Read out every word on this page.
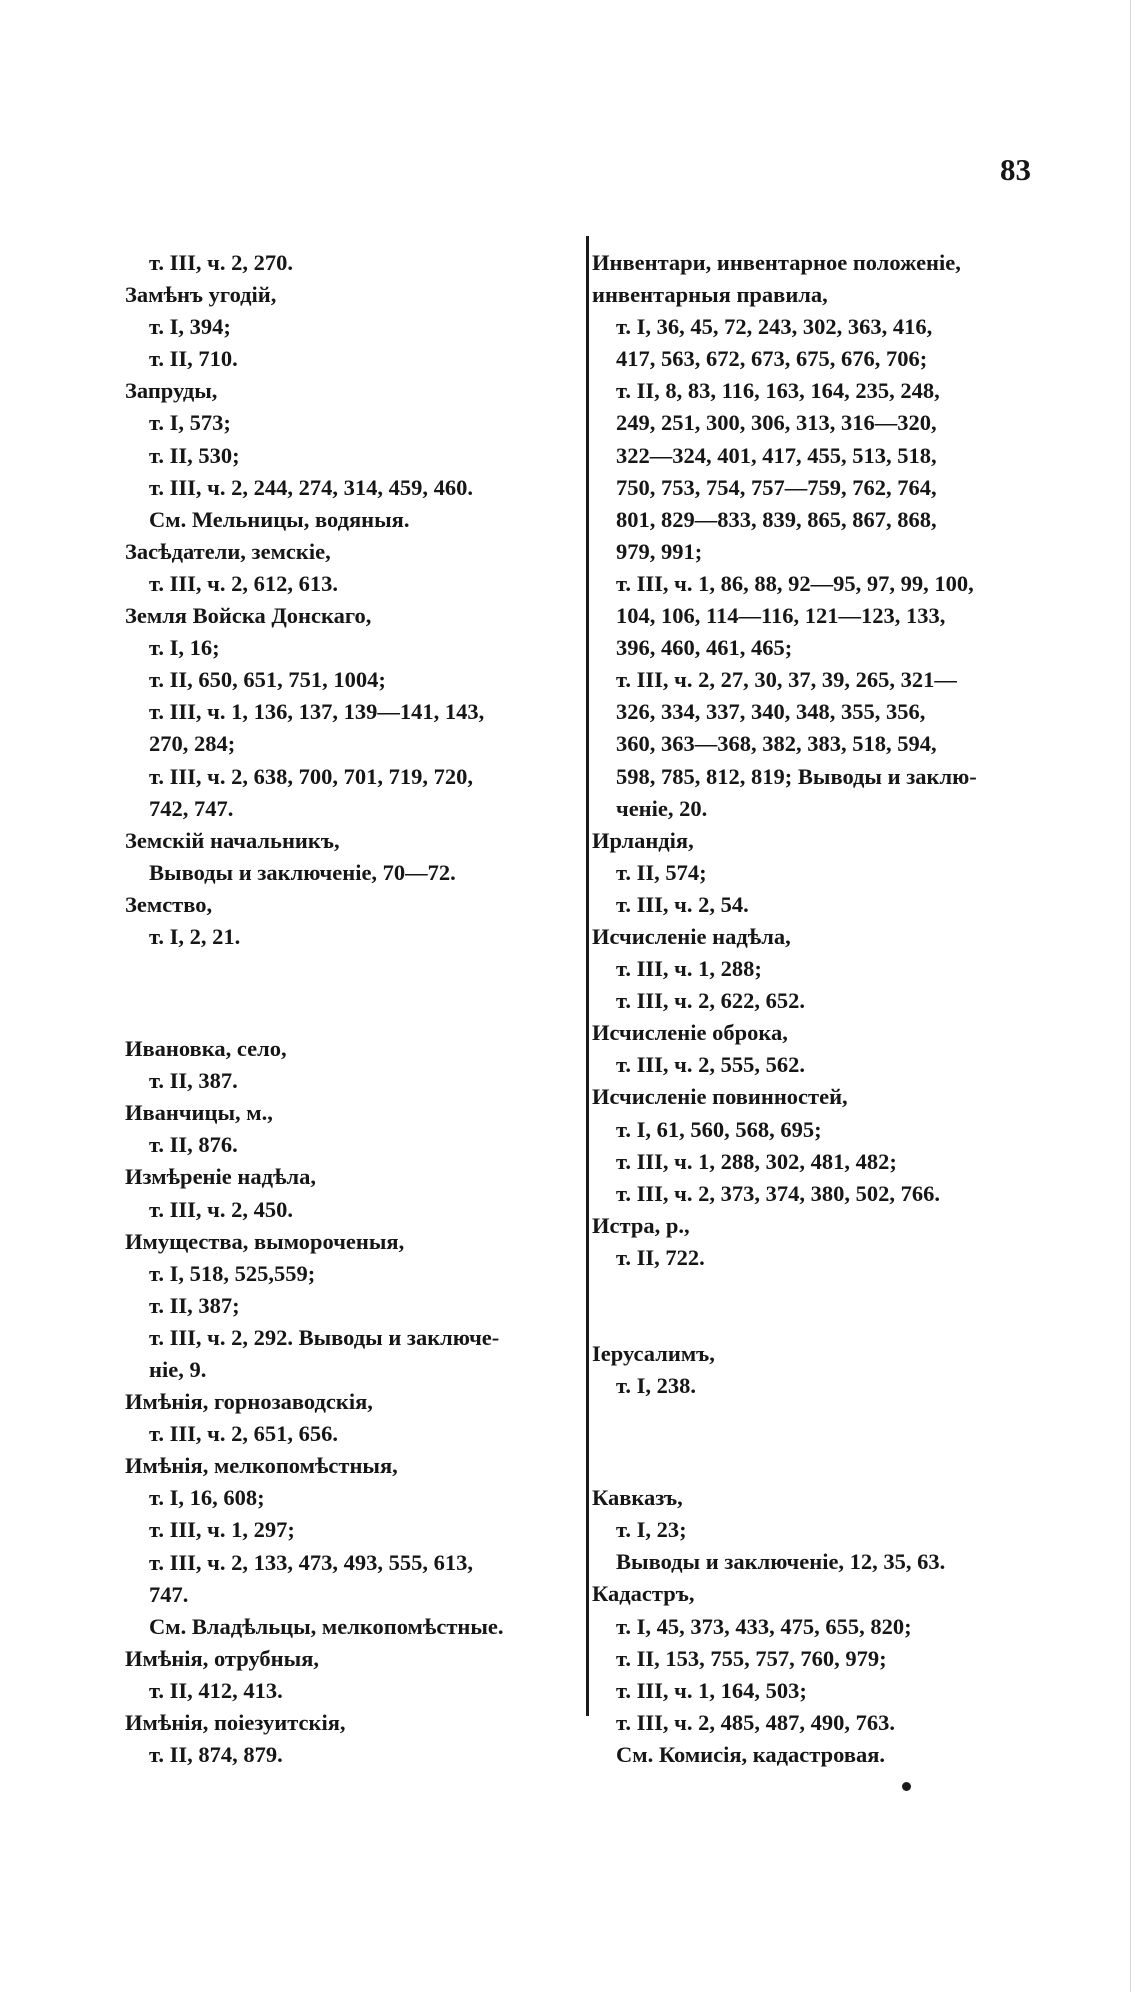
83
т. III, ч. 2, 270.
Замѣнъ угодій,
т. I, 394;
т. II, 710.
Запруды,
т. I, 573;
т. II, 530;
т. III, ч. 2, 244, 274, 314, 459, 460.
См. Мельницы, водяныя.
Засѣдатели, земскіе,
т. III, ч. 2, 612, 613.
Земля Войска Донскаго,
т. I, 16;
т. II, 650, 651, 751, 1004;
т. III, ч. 1, 136, 137, 139—141, 143,
270, 284;
т. III, ч. 2, 638, 700, 701, 719, 720,
742, 747.
Земскій начальникъ,
Выводы и заключеніе, 70—72.
Земство,
т. I, 2, 21.
Ивановка, село,
т. II, 387.
Иванчицы, м.,
т. II, 876.
Измѣреніе надѣла,
т. III, ч. 2, 450.
Имущества, вымороченыя,
т. I, 518, 525,559;
т. II, 387;
т. III, ч. 2, 292. Выводы и заключе-
ніе, 9.
Имѣнія, горнозаводскія,
т. III, ч. 2, 651, 656.
Имѣнія, мелкопомѣстныя,
т. I, 16, 608;
т. III, ч. 1, 297;
т. III, ч. 2, 133, 473, 493, 555, 613,
747.
См. Владѣльцы, мелкопомѣстные.
Имѣнія, отрубныя,
т. II, 412, 413.
Имѣнія, поіезуитскія,
т. II, 874, 879.
Инвентари, инвентарное положеніе,
инвентарныя правила,
т. I, 36, 45, 72, 243, 302, 363, 416,
417, 563, 672, 673, 675, 676, 706;
т. II, 8, 83, 116, 163, 164, 235, 248,
249, 251, 300, 306, 313, 316—320,
322—324, 401, 417, 455, 513, 518,
750, 753, 754, 757—759, 762, 764,
801, 829—833, 839, 865, 867, 868,
979, 991;
т. III, ч. 1, 86, 88, 92—95, 97, 99, 100,
104, 106, 114—116, 121—123, 133,
396, 460, 461, 465;
т. III, ч. 2, 27, 30, 37, 39, 265, 321—
326, 334, 337, 340, 348, 355, 356,
360, 363—368, 382, 383, 518, 594,
598, 785, 812, 819; Выводы и заклю-
ченіе, 20.
Ирландія,
т. II, 574;
т. III, ч. 2, 54.
Исчисленіе надѣла,
т. III, ч. 1, 288;
т. III, ч. 2, 622, 652.
Исчисленіе оброка,
т. III, ч. 2, 555, 562.
Исчисленіе повинностей,
т. I, 61, 560, 568, 695;
т. III, ч. 1, 288, 302, 481, 482;
т. III, ч. 2, 373, 374, 380, 502, 766.
Истра, р.,
т. II, 722.
Іерусалимъ,
т. I, 238.
Кавказъ,
т. I, 23;
Выводы и заключеніе, 12, 35, 63.
Кадастръ,
т. I, 45, 373, 433, 475, 655, 820;
т. II, 153, 755, 757, 760, 979;
т. III, ч. 1, 164, 503;
т. III, ч. 2, 485, 487, 490, 763.
См. Комисія, кадастровая.
